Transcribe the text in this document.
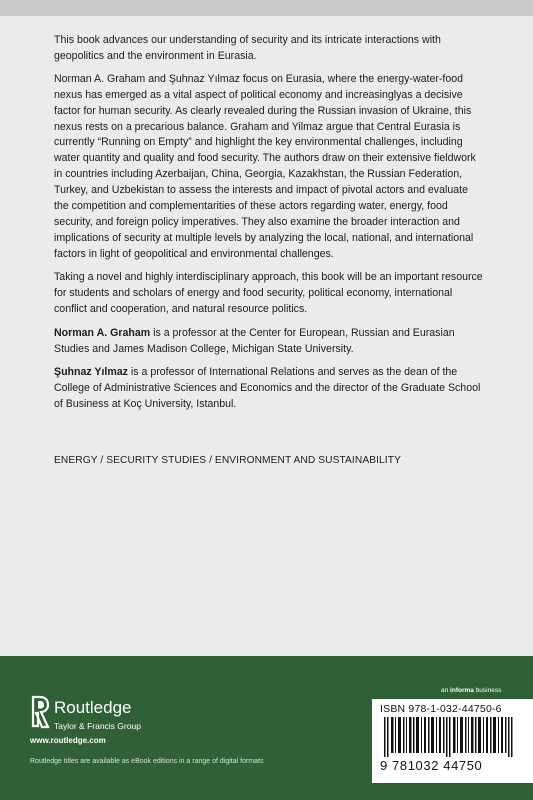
This book advances our understanding of security and its intricate interactions with geopolitics and the environment in Eurasia.

Norman A. Graham and Şuhnaz Yılmaz focus on Eurasia, where the energy-water-food nexus has emerged as a vital aspect of political economy and increasinglyas a decisive factor for human security. As clearly revealed during the Russian invasion of Ukraine, this nexus rests on a precarious balance. Graham and Yilmaz argue that Central Eurasia is currently “Running on Empty” and highlight the key environmental challenges, including water quantity and quality and food security. The authors draw on their extensive fieldwork in countries including Azerbaijan, China, Georgia, Kazakhstan, the Russian Federation, Turkey, and Uzbekistan to assess the interests and impact of pivotal actors and evaluate the competition and complementarities of these actors regarding water, energy, food security, and foreign policy imperatives. They also examine the broader interaction and implications of security at multiple levels by analyzing the local, national, and international factors in light of geopolitical and environmental challenges.

Taking a novel and highly interdisciplinary approach, this book will be an important resource for students and scholars of energy and food security, political economy, international conflict and cooperation, and natural resource politics.

Norman A. Graham is a professor at the Center for European, Russian and Eurasian Studies and James Madison College, Michigan State University.

Şuhnaz Yılmaz is a professor of International Relations and serves as the dean of the College of Administrative Sciences and Economics and the director of the Graduate School of Business at Koç University, Istanbul.

ENERGY / SECURITY STUDIES / ENVIRONMENT AND SUSTAINABILITY
Routledge
Taylor & Francis Group
www.routledge.com
Routledge titles are available as eBook editions in a range of digital formats
an informa business
ISBN 978-1-032-44750-6
9 781032 44750
